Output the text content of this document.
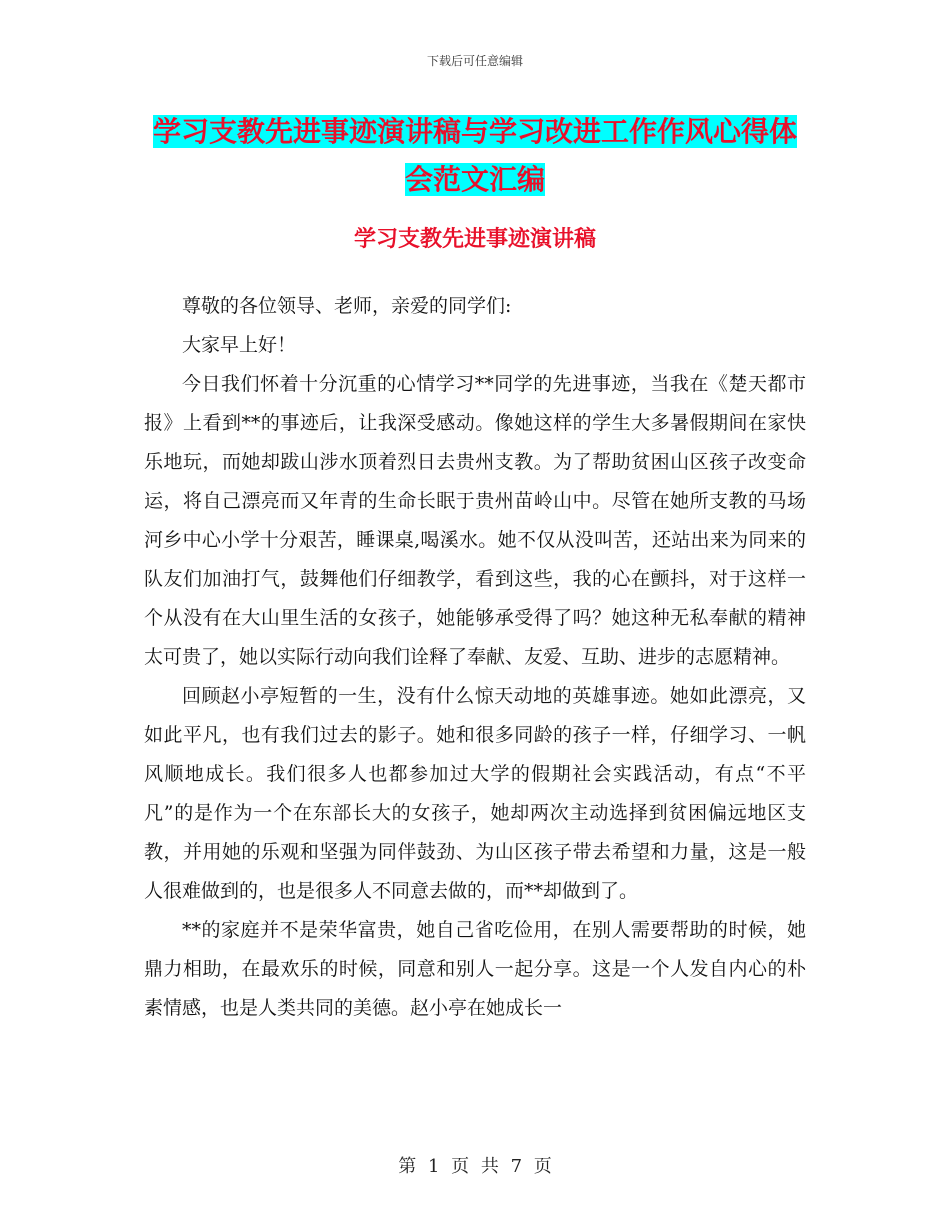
下载后可任意编辑
学习支教先进事迹演讲稿与学习改进工作作风心得体
会范文汇编
学习支教先进事迹演讲稿

尊敬的各位领导、老师，亲爱的同学们:

大家早上好！

今日我们怀着十分沉重的心情学习**同学的先进事迹，当我在《楚天都市报》上看到**的事迹后，让我深受感动。像她这样的学生大多暑假期间在家快乐地玩，而她却跋山涉水顶着烈日去贵州支教。为了帮助贫困山区孩子改变命运，将自己漂亮而又年青的生命长眠于贵州苗岭山中。尽管在她所支教的马场河乡中心小学十分艰苦，睡课桌,喝溪水。她不仅从没叫苦，还站出来为同来的队友们加油打气，鼓舞他们仔细教学，看到这些，我的心在颤抖，对于这样一个从没有在大山里生活的女孩子，她能够承受得了吗？她这种无私奉献的精神太可贵了，她以实际行动向我们诠释了奉献、友爱、互助、进步的志愿精神。

回顾赵小亭短暂的一生，没有什么惊天动地的英雄事迹。她如此漂亮，又如此平凡，也有我们过去的影子。她和很多同龄的孩子一样，仔细学习、一帆风顺地成长。我们很多人也都参加过大学的假期社会实践活动，有点“不平凡”的是作为一个在东部长大的女孩子，她却两次主动选择到贫困偏远地区支教，并用她的乐观和坚强为同伴鼓劲、为山区孩子带去希望和力量，这是一般人很难做到的，也是很多人不同意去做的，而**却做到了。

**的家庭并不是荣华富贵，她自己省吃俭用，在别人需要帮助的时候，她鼎力相助，在最欢乐的时候，同意和别人一起分享。这是一个人发自内心的朴素情感，也是人类共同的美德。赵小亭在她成长一

第 1 页 共 7 页
